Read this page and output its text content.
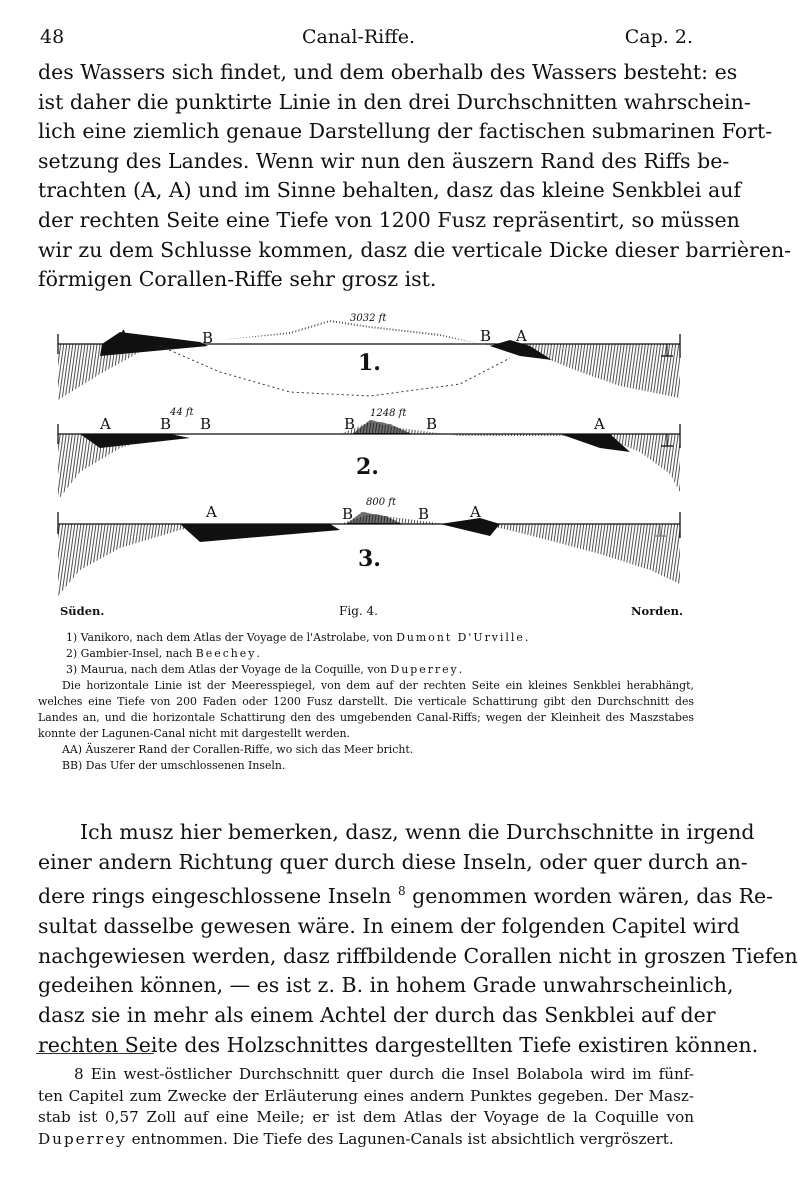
48	Canal-Riffe.	Cap. 2.
des Wassers sich findet, und dem oberhalb des Wassers besteht: es
ist daher die punktirte Linie in den drei Durchschnitten wahrschein-
lich eine ziemlich genaue Darstellung der factischen submarinen Fort-
setzung des Landes. Wenn wir nun den äuszern Rand des Riffs be-
trachten (A, A) und im Sinne behalten, dasz das kleine Senkblei auf
der rechten Seite eine Tiefe von 1200 Fusz repräsentirt, so müssen
wir zu dem Schlusse kommen, dasz die verticale Dicke dieser barrièren-
förmigen Corallen-Riffe sehr grosz ist.
A	B	B A
3032 ft
1.
A	B B	B	B	A
44 ft	1248 ft
2.
A	B	B	A
800 ft
3.
Süden.	Fig. 4.	Norden.
1) Vanikoro, nach dem Atlas der Voyage de l'Astrolabe, von Dumont D'Urville.
2) Gambier-Insel, nach Beechey.
3) Maurua, nach dem Atlas der Voyage de la Coquille, von Duperrey.
Die horizontale Linie ist der Meeresspiegel, von dem auf der rechten Seite ein kleines Senkblei herabhängt, welches eine Tiefe von 200 Faden oder 1200 Fusz darstellt. Die verticale Schattirung gibt den Durchschnitt des Landes an, und die horizontale Schattirung den des umgebenden Canal-Riffs; wegen der Kleinheit des Maszstabes konnte der Lagunen-Canal nicht mit dargestellt werden.
AA) Äuszerer Rand der Corallen-Riffe, wo sich das Meer bricht.
BB) Das Ufer der umschlossenen Inseln.
Ich musz hier bemerken, dasz, wenn die Durchschnitte in irgend
einer andern Richtung quer durch diese Inseln, oder quer durch an-
dere rings eingeschlossene Inseln $^8$ genommen worden wären, das Re-
sultat dasselbe gewesen wäre. In einem der folgenden Capitel wird
nachgewiesen werden, dasz riffbildende Corallen nicht in groszen Tiefen
gedeihen können, — es ist z. B. in hohem Grade unwahrscheinlich,
dasz sie in mehr als einem Achtel der durch das Senkblei auf der
rechten Seite des Holzschnittes dargestellten Tiefe existiren können.
8 Ein west-östlicher Durchschnitt quer durch die Insel Bolabola wird im fünf-
ten Capitel zum Zwecke der Erläuterung eines andern Punktes gegeben. Der Masz-
stab ist 0,57 Zoll auf eine Meile; er ist dem Atlas der Voyage de la Coquille von
Duperrey entnommen. Die Tiefe des Lagunen-Canals ist absichtlich vergröszert.
